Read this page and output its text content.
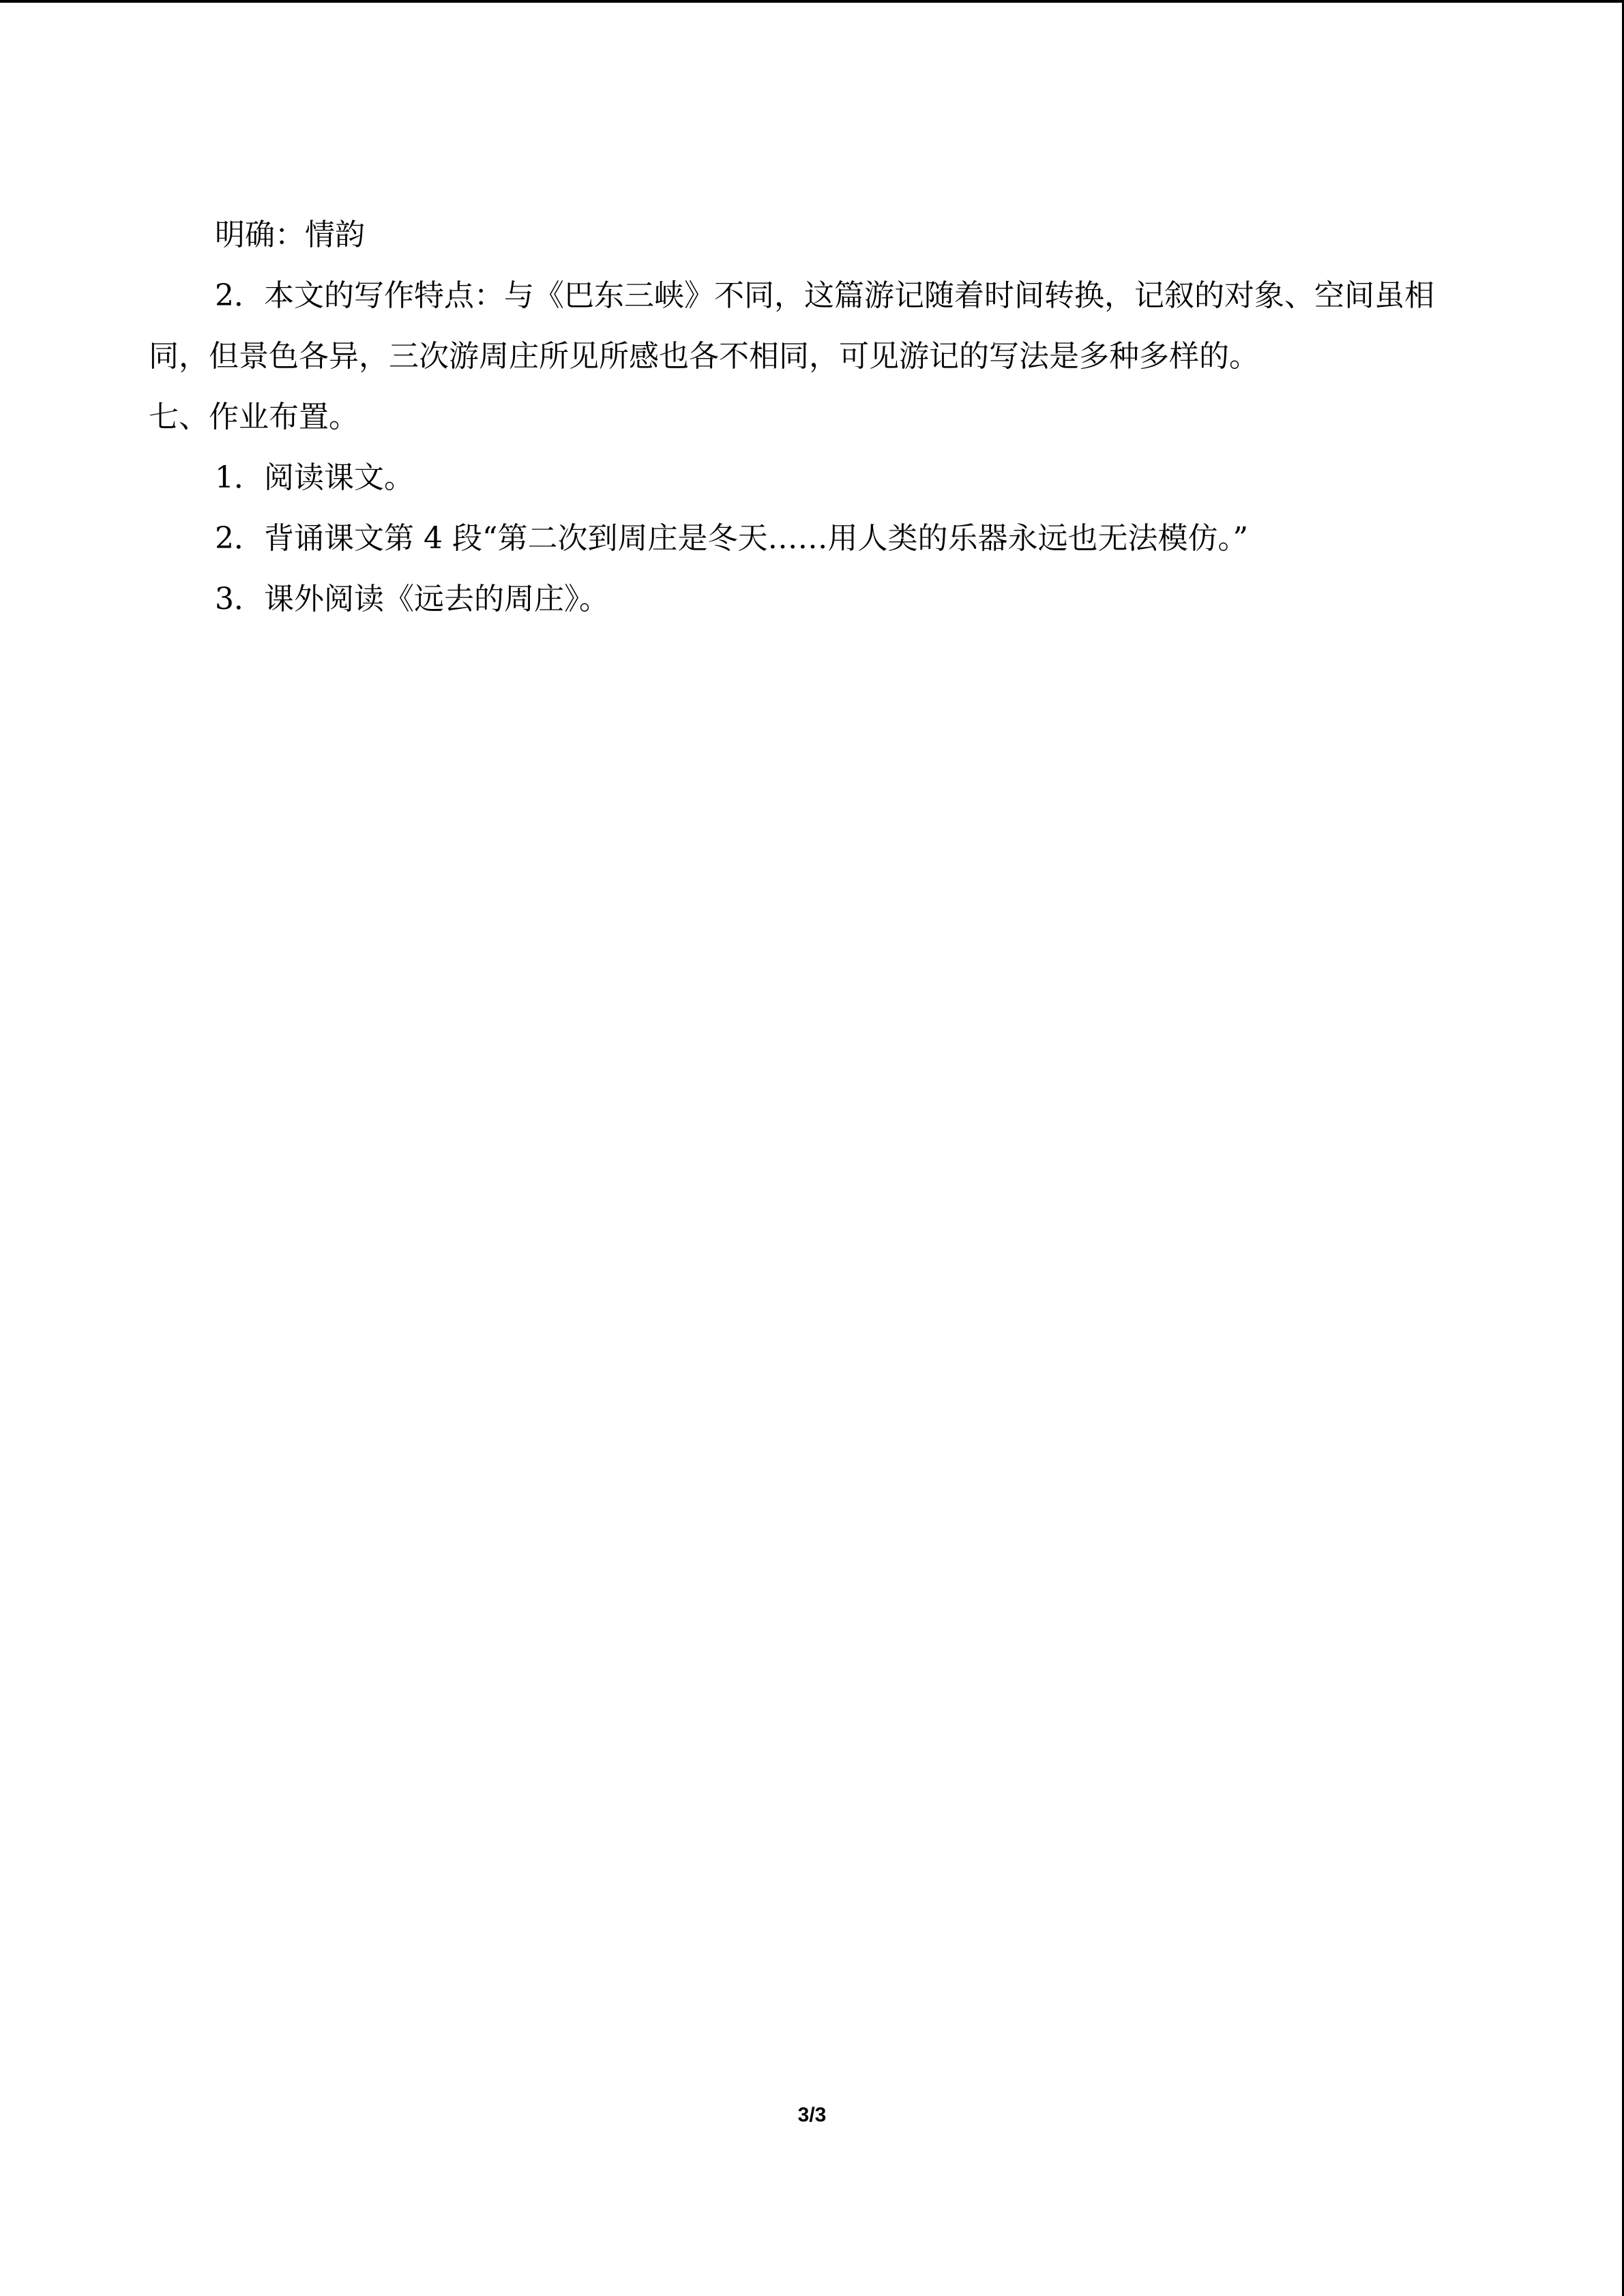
明确：情韵

2．本文的写作特点：与《巴东三峡》不同，这篇游记随着时间转换，记叙的对象、空间虽相同，但景色各异，三次游周庄所见所感也各不相同，可见游记的写法是多种多样的。

七、作业布置。

1．阅读课文。

2．背诵课文第 4 段“第二次到周庄是冬天……用人类的乐器永远也无法模仿。”

3．课外阅读《远去的周庄》。

3/3
